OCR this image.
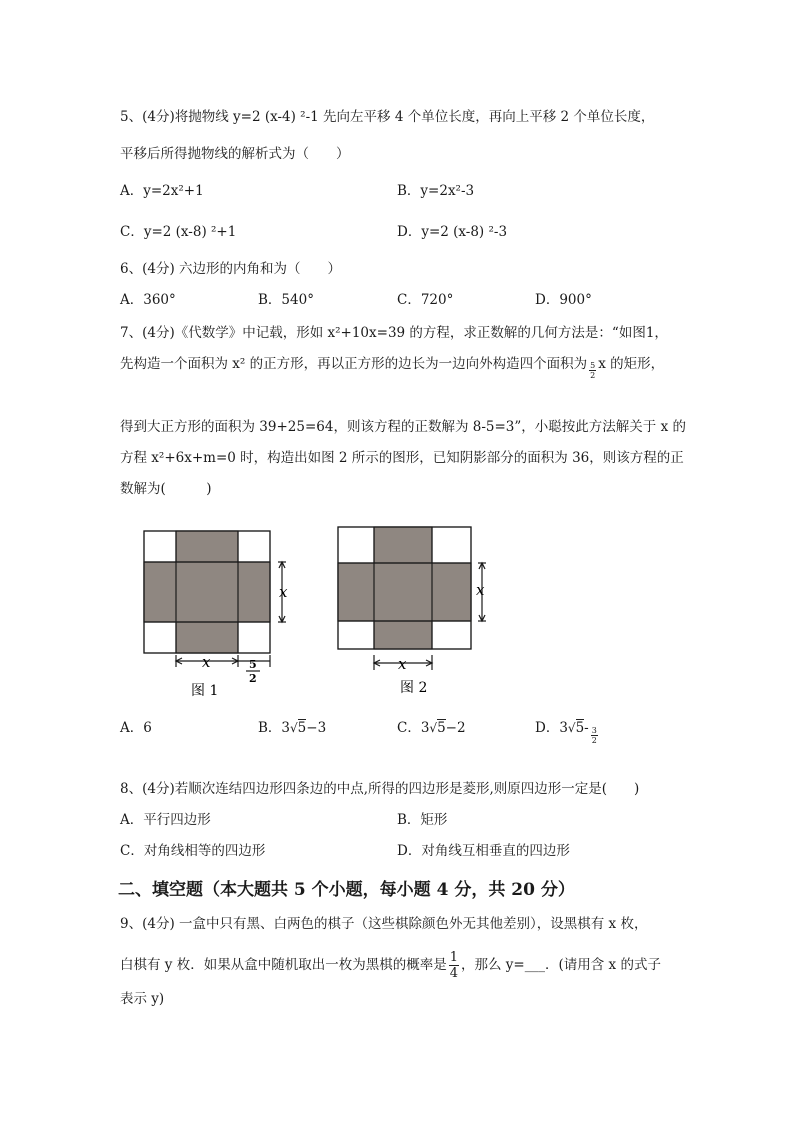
5、(4分)将抛物线 y=2 (x-4) ²-1 先向左平移 4 个单位长度，再向上平移 2 个单位长度，
平移后所得抛物线的解析式为（　　）
A．y=2x²+1	B．y=2x²-3
C．y=2 (x-8) ²+1	D．y=2 (x-8) ²-3
6、(4分) 六边形的内角和为（　　）
A．360°	B．540°	C．720°	D．900°
7、(4分)《代数学》中记载，形如 x²+10x=39 的方程，求正数解的几何方法是：“如图1，
先构造一个面积为 x² 的正方形，再以正方形的边长为一边向外构造四个面积为 $\frac{5}{2}$ x 的矩形，
得到大正方形的面积为 39+25=64，则该方程的正数解为 8-5=3”，小聪按此方法解关于 x 的
方程 x²+6x+m=0 时，构造出如图 2 所示的图形，已知阴影部分的面积为 36，则该方程的正
数解为(　　　)
x
x	5
2
图 1
x
x
图 2
A．6	B．3√5−3	C．3√5−2	D．$3√5- \frac{3}{2}$
8、(4分)若顺次连结四边形四条边的中点,所得的四边形是菱形,则原四边形一定是(　　)
A．平行四边形	B．矩形
C．对角线相等的四边形	D．对角线互相垂直的四边形
二、填空题（本大题共 5 个小题，每小题 4 分，共 20 分）
9、(4分) 一盒中只有黑、白两色的棋子（这些棋除颜色外无其他差别），设黑棋有 x 枚，
白棋有 y 枚．如果从盒中随机取出一枚为黑棋的概率是 $\frac{1}{4}$ ，那么 y=___．(请用含 x 的式子
表示 y)
